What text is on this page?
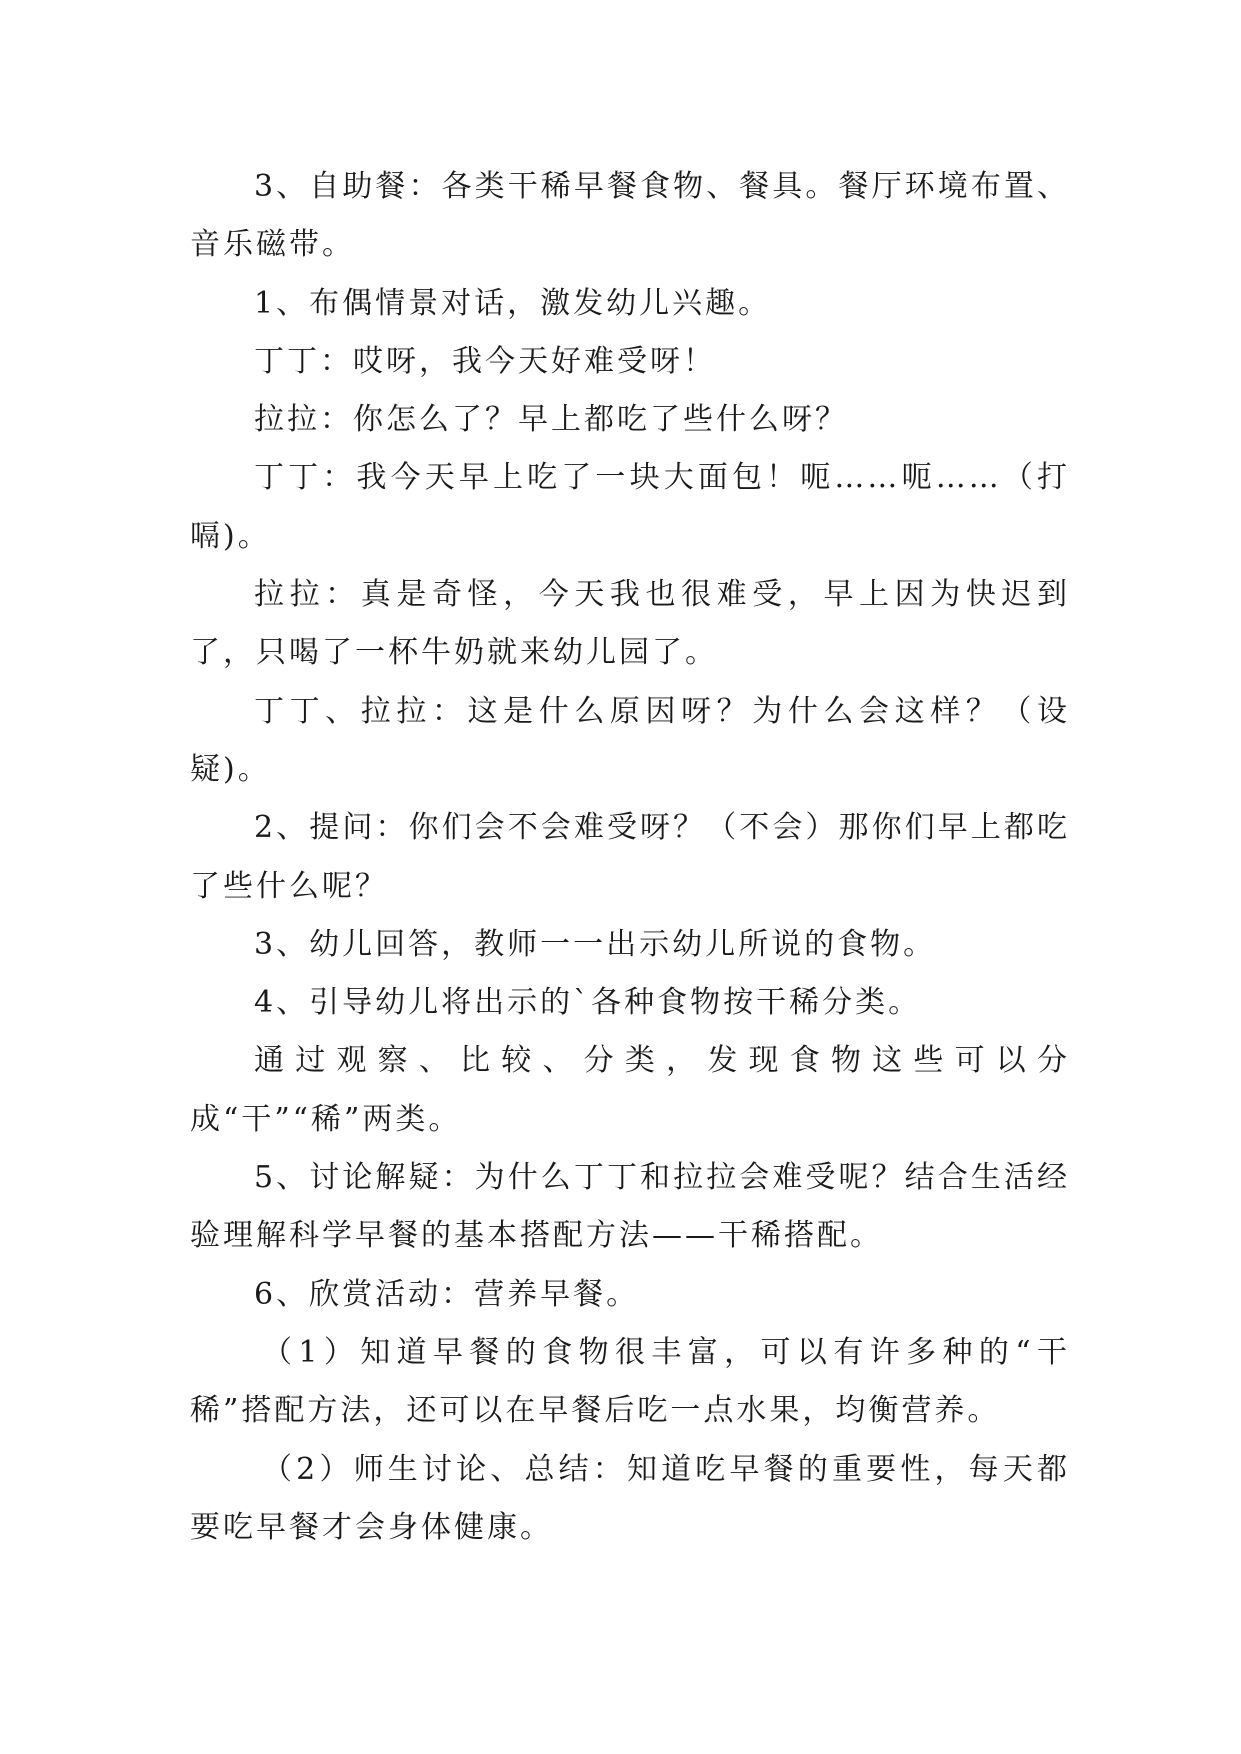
3、自助餐：各类干稀早餐食物、餐具。餐厅环境布置、音乐磁带。

1、布偶情景对话，激发幼儿兴趣。

丁丁：哎呀，我今天好难受呀！

拉拉：你怎么了？早上都吃了些什么呀？

丁丁：我今天早上吃了一块大面包！呃……呃……（打嗝)。

拉拉：真是奇怪，今天我也很难受，早上因为快迟到了，只喝了一杯牛奶就来幼儿园了。

丁丁、拉拉：这是什么原因呀？为什么会这样？（设疑)。

2、提问：你们会不会难受呀？（不会）那你们早上都吃了些什么呢？

3、幼儿回答，教师一一出示幼儿所说的食物。

4、引导幼儿将出示的`各种食物按干稀分类。

通过观察、比较、分类，发现食物这些可以分成“干”“稀”两类。

5、讨论解疑：为什么丁丁和拉拉会难受呢？结合生活经验理解科学早餐的基本搭配方法——干稀搭配。

6、欣赏活动：营养早餐。

（1）知道早餐的食物很丰富，可以有许多种的“干稀”搭配方法，还可以在早餐后吃一点水果，均衡营养。

（2）师生讨论、总结：知道吃早餐的重要性，每天都要吃早餐才会身体健康。
